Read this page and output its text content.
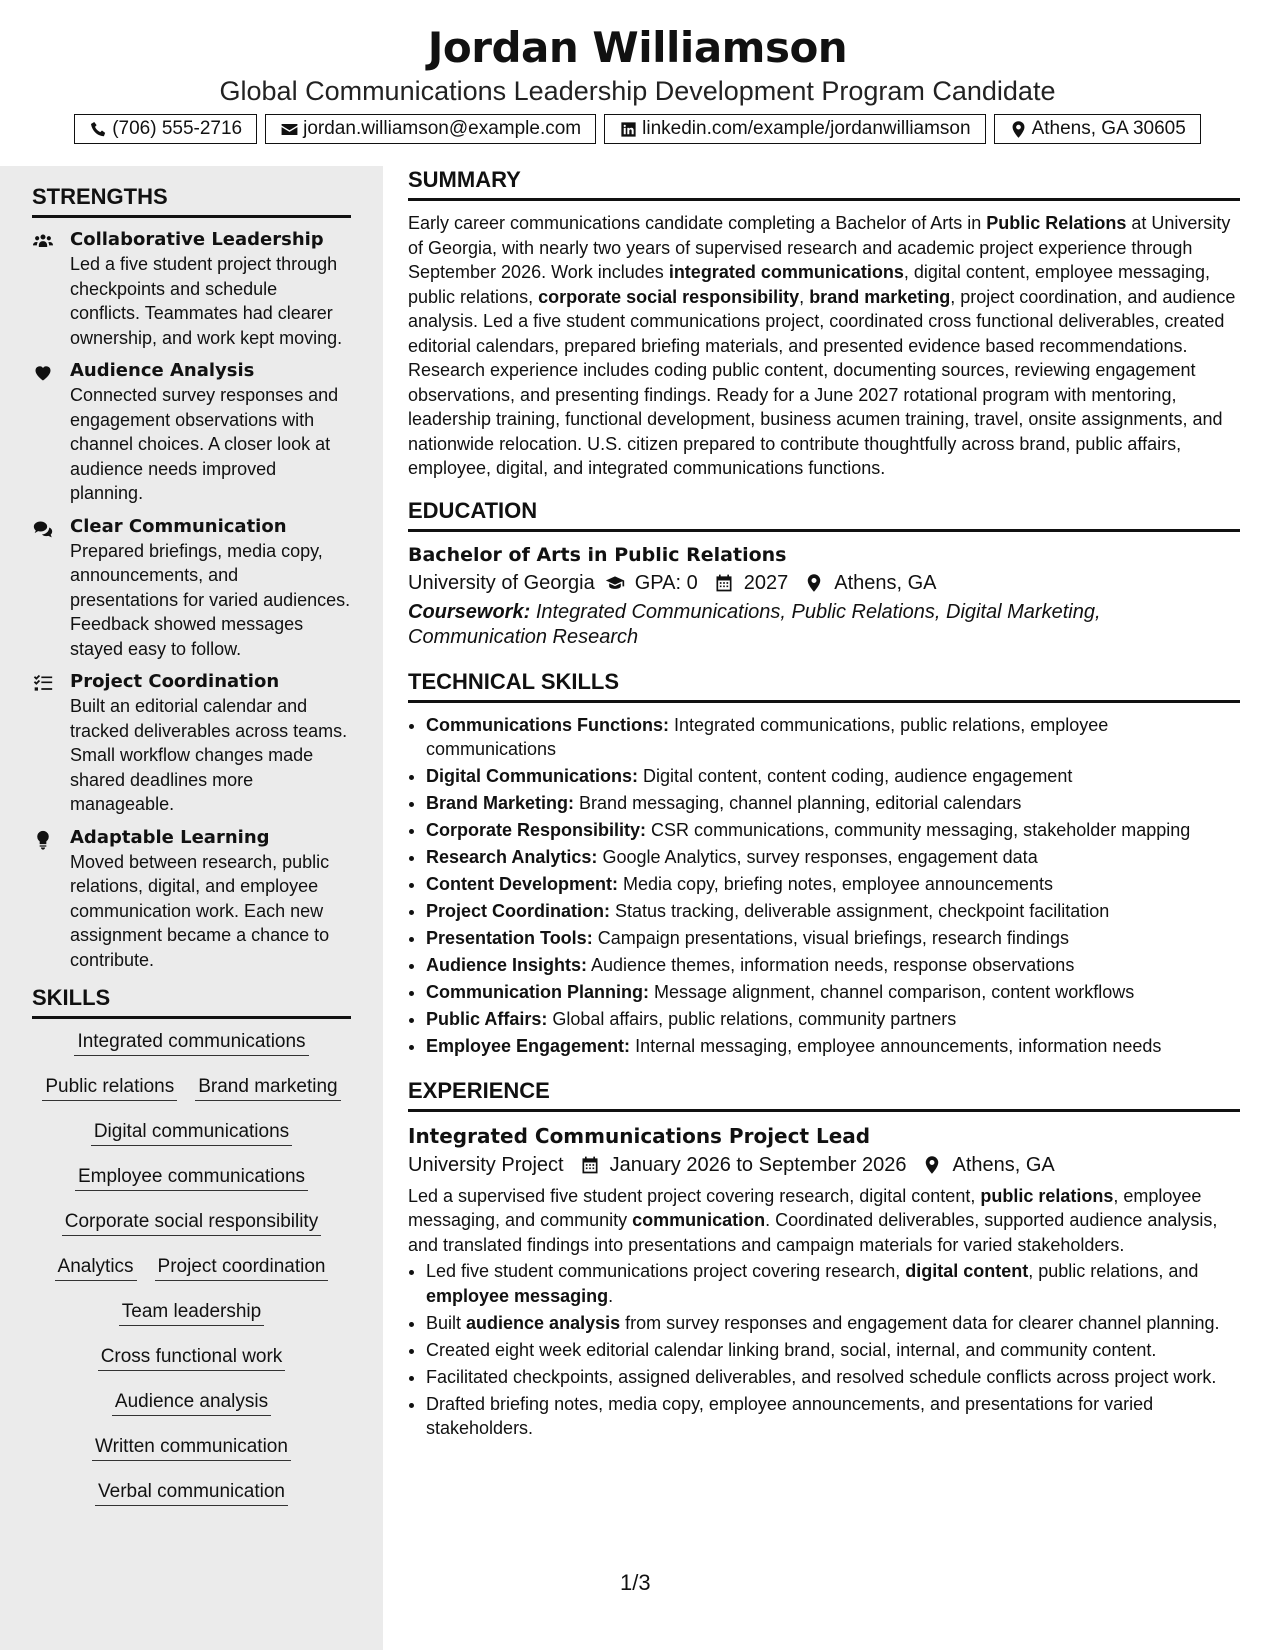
Jordan Williamson
Global Communications Leadership Development Program Candidate
(706) 555-2716	jordan.williamson@example.com	linkedin.com/example/jordanwilliamson	Athens, GA 30605
STRENGTHS
Collaborative Leadership
Led a five student project through checkpoints and schedule conflicts. Teammates had clearer ownership, and work kept moving.
Audience Analysis
Connected survey responses and engagement observations with channel choices. A closer look at audience needs improved planning.
Clear Communication
Prepared briefings, media copy, announcements, and presentations for varied audiences. Feedback showed messages stayed easy to follow.
Project Coordination
Built an editorial calendar and tracked deliverables across teams. Small workflow changes made shared deadlines more manageable.
Adaptable Learning
Moved between research, public relations, digital, and employee communication work. Each new assignment became a chance to contribute.
SKILLS
Integrated communications
Public relations Brand marketing
Digital communications
Employee communications
Corporate social responsibility
Analytics Project coordination
Team leadership
Cross functional work
Audience analysis
Written communication
Verbal communication
SUMMARY
Early career communications candidate completing a Bachelor of Arts in Public Relations at University of Georgia, with nearly two years of supervised research and academic project experience through September 2026. Work includes integrated communications, digital content, employee messaging, public relations, corporate social responsibility, brand marketing, project coordination, and audience analysis. Led a five student communications project, coordinated cross functional deliverables, created editorial calendars, prepared briefing materials, and presented evidence based recommendations. Research experience includes coding public content, documenting sources, reviewing engagement observations, and presenting findings. Ready for a June 2027 rotational program with mentoring, leadership training, functional development, business acumen training, travel, onsite assignments, and nationwide relocation. U.S. citizen prepared to contribute thoughtfully across brand, public affairs, employee, digital, and integrated communications functions.
EDUCATION
Bachelor of Arts in Public Relations
University of Georgia GPA: 0 2027 Athens, GA
Coursework: Integrated Communications, Public Relations, Digital Marketing, Communication Research
TECHNICAL SKILLS
• Communications Functions: Integrated communications, public relations, employee communications
• Digital Communications: Digital content, content coding, audience engagement
• Brand Marketing: Brand messaging, channel planning, editorial calendars
• Corporate Responsibility: CSR communications, community messaging, stakeholder mapping
• Research Analytics: Google Analytics, survey responses, engagement data
• Content Development: Media copy, briefing notes, employee announcements
• Project Coordination: Status tracking, deliverable assignment, checkpoint facilitation
• Presentation Tools: Campaign presentations, visual briefings, research findings
• Audience Insights: Audience themes, information needs, response observations
• Communication Planning: Message alignment, channel comparison, content workflows
• Public Affairs: Global affairs, public relations, community partners
• Employee Engagement: Internal messaging, employee announcements, information needs
EXPERIENCE
Integrated Communications Project Lead
University Project January 2026 to September 2026 Athens, GA
Led a supervised five student project covering research, digital content, public relations, employee messaging, and community communication. Coordinated deliverables, supported audience analysis, and translated findings into presentations and campaign materials for varied stakeholders.
• Led five student communications project covering research, digital content, public relations, and employee messaging.
• Built audience analysis from survey responses and engagement data for clearer channel planning.
• Created eight week editorial calendar linking brand, social, internal, and community content.
• Facilitated checkpoints, assigned deliverables, and resolved schedule conflicts across project work.
• Drafted briefing notes, media copy, employee announcements, and presentations for varied stakeholders.
1/3
